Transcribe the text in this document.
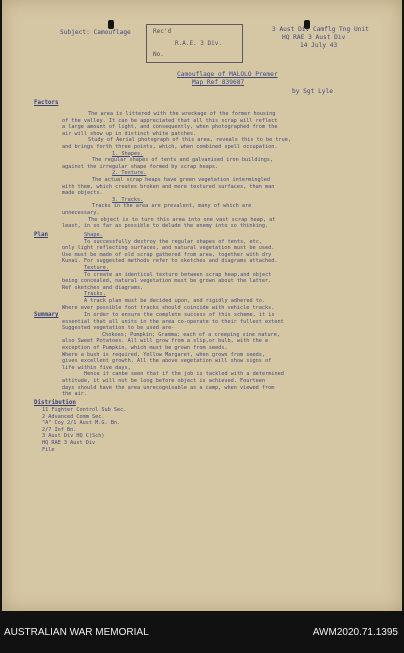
Subject: Camouflage	Rec'd
R.A.E. 3 Div.
No.
3 Aust Div Camflg Tng Unit
HQ RAE 3 Aust Div
14 July 43
Camouflage of MALOLO Premer
Map Ref 839687
by Sgt Lyle
Factors
The area is littered with the wreckage of the former housing
of the valley. It can be appreciated that all this scrap will reflect
a large amount of light, and consequently, when photographed from the
air will show up in distinct white patches.
Study of Aerial photograph of this area, reveals this to be true,
and brings forth three points, which, when combined spell occupation.
1. Shapes.
The regular shapes of tents and galvanised iron buildings,
against the irregular shape formed by scrap heaps.
2. Texture.
The actual scrap heaps have green vegetation intermingled
with them, which creates broken and more textured surfaces, than man
made objects.
3. Tracks.
Tracks in the area are prevalent, many of which are
unnecessary.
The object is to turn this area into one vast scrap heap, at
least, in so far as possible to delude the enemy into so thinking.
Plan	Shape.
To successfully destroy the regular shapes of tents, etc,
only light reflecting surfaces, and natural vegetation must be used.
Use must be made of old scrap gathered from area, together with dry
Kunai. For suggested methods refer to sketches and diagrams attached.
Texture.
To create an identical texture between scrap heap,and object
being concealed, natural vegetation must be grown about the latter.
Ref sketches and diagrams.
Tracks.
A track plan must be decided upon, and rigidly adhered to.
Where ever possible foot tracks should coincide with vehicle tracks.
Summary	In order to ensure the complete success of this scheme, it is
essential that all units in the area co-operate to their fullest extent
Suggested vegetation to be used are-
Chokoes; Pumpkin; Gramma; each of a creeping vine nature,
also Sweet Potatoes. All will grow from a slip,or bulb, with the e
exception of Pumpkin, which must be grown from seeds.
Where a bush is required, Yellow Margaret, when grown from seeds,
gives excellent growth. All the above vegetation will show signs of
life within five days,
Hence it canbe seen that if the job is tackled with a determined
attitude, it will not be long before object is achieved. Fourteen
days should have the area unrecognisable as a camp, when viewed from
the air.
Distribution
11 Fighter Control Sub Sec.
2 Advanced Comm Sec.
"A" Coy 2/1 Aust M.G. Bn.
2/7 Inf Bn.
3 Aust Div HQ C(Sch)
HQ RAE 3 Aust Div
File
AUSTRALIAN WAR MEMORIAL	AWM2020.71.1395
